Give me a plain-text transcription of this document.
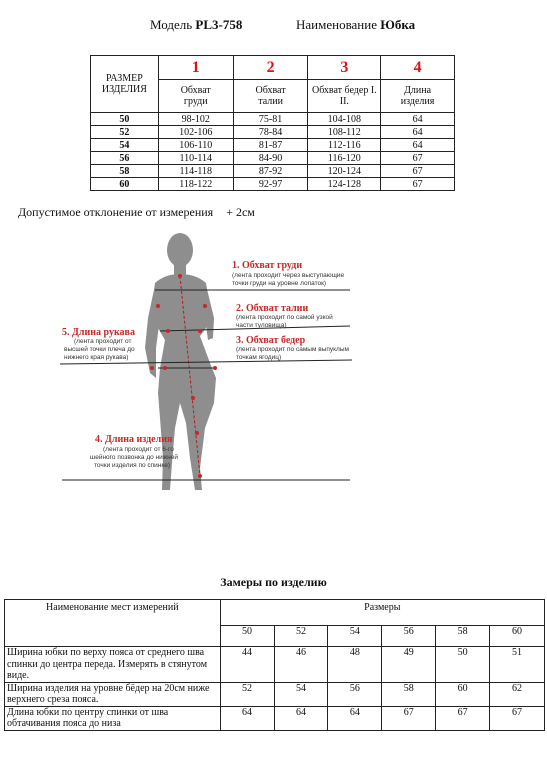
Модель PL3-758	Наименование Юбка
РАЗМЕР ИЗДЕЛИЯ	1	2	3	4
	Обхват груди	Обхват талии	Обхват бедер I. II.	Длина изделия
50	98-102	75-81	104-108	64
52	102-106	78-84	108-112	64
54	106-110	81-87	112-116	64
56	110-114	84-90	116-120	67
58	114-118	87-92	120-124	67
60	118-122	92-97	124-128	67
Допустимое отклонение от измерения + 2см
1. Обхват груди
(лента проходит через выступающие
точки груди на уровне лопаток)
2. Обхват талии
(лента проходит по самой узкой
части туловища)
3. Обхват бедер
(лента проходит по самым выпуклым
точкам ягодиц)
5. Длина рукава
(лента проходит от
высшей точки плеча до
нижнего края рукава)
4. Длина изделия
(лента проходит от 6-го
шейного позвонка до нижней
точки изделия по спинке)
Замеры по изделию
Наименование мест измерений	Размеры					
	50	52	54	56	58	60
Ширина юбки по верху пояса от среднего шва спинки до центра переда. Измерять в стянутом виде.	44	46	48	49	50	51
Ширина изделия на уровне бёдер на 20см ниже верхнего среза пояса.	52	54	56	58	60	62
Длина юбки по центру спинки от шва обтачивания пояса до низа	64	64	64	67	67	67
